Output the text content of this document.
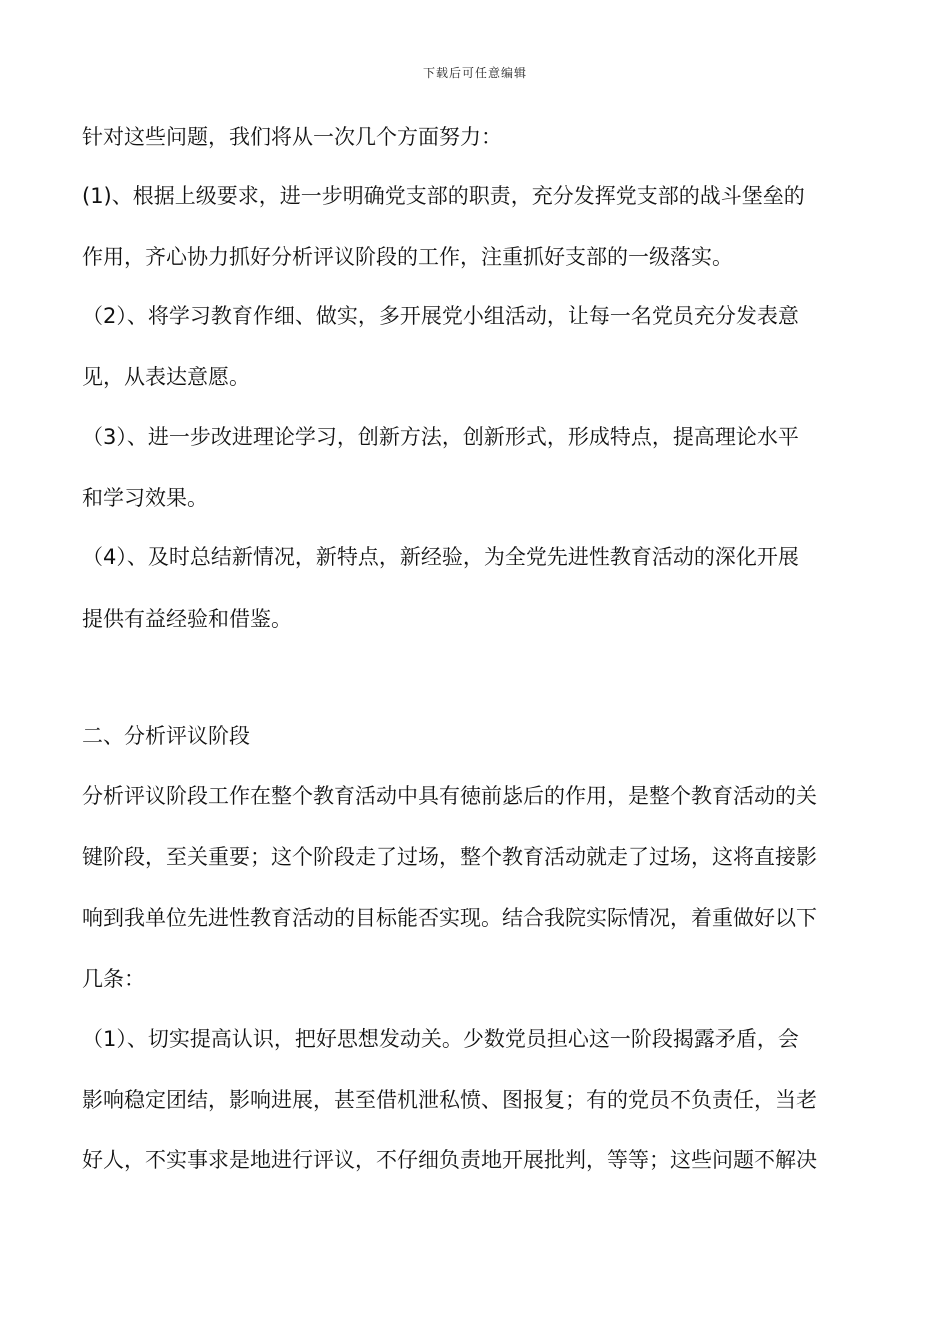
下载后可任意编辑
针对这些问题，我们将从一次几个方面努力：
(1)、根据上级要求，进一步明确党支部的职责，充分发挥党支部的战斗堡垒的
作用，齐心协力抓好分析评议阶段的工作，注重抓好支部的一级落实。
（2）、将学习教育作细、做实，多开展党小组活动，让每一名党员充分发表意
见，从表达意愿。
（3）、进一步改进理论学习，创新方法，创新形式，形成特点，提高理论水平
和学习效果。
（4）、及时总结新情况，新特点，新经验，为全党先进性教育活动的深化开展
提供有益经验和借鉴。
二、分析评议阶段
分析评议阶段工作在整个教育活动中具有徳前毖后的作用，是整个教育活动的关
键阶段，至关重要；这个阶段走了过场，整个教育活动就走了过场，这将直接影
响到我单位先进性教育活动的目标能否实现。结合我院实际情况，着重做好以下
几条：
（1）、切实提高认识，把好思想发动关。少数党员担心这一阶段揭露矛盾，会
影响稳定团结，影响进展，甚至借机泄私愤、图报复；有的党员不负责任，当老
好人，不实事求是地进行评议，不仔细负责地开展批判，等等；这些问题不解决
